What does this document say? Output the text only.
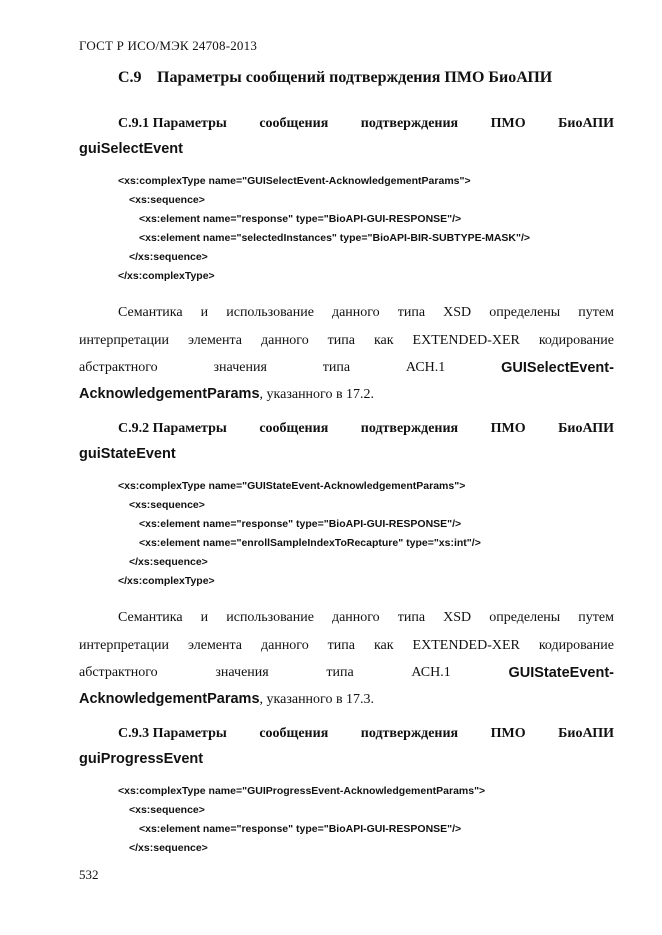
ГОСТ Р ИСО/МЭК 24708-2013
С.9 Параметры сообщений подтверждения ПМО БиоАПИ
С.9.1 Параметры сообщения подтверждения ПМО БиоАПИ
guiSelectEvent
<xs:complexType name="GUISelectEvent-AcknowledgementParams">
<xs:sequence>
<xs:element name="response" type="BioAPI-GUI-RESPONSE"/>
<xs:element name="selectedInstances" type="BioAPI-BIR-SUBTYPE-MASK"/>
</xs:sequence>
</xs:complexType>
Семантика и использование данного типа XSD определены путем
интерпретации элемента данного типа как EXTENDED-XER кодирование
абстрактного	значения	типа	АСН.1	GUISelectEvent-
AcknowledgementParams, указанного в 17.2.
С.9.2 Параметры сообщения подтверждения ПМО БиоАПИ
guiStateEvent
<xs:complexType name="GUIStateEvent-AcknowledgementParams">
<xs:sequence>
<xs:element name="response" type="BioAPI-GUI-RESPONSE"/>
<xs:element name="enrollSampleIndexToRecapture" type="xs:int"/>
</xs:sequence>
</xs:complexType>
Семантика и использование данного типа XSD определены путем
интерпретации элемента данного типа как EXTENDED-XER кодирование
абстрактного	значения	типа	АСН.1	GUIStateEvent-
AcknowledgementParams, указанного в 17.3.
С.9.3 Параметры сообщения подтверждения ПМО БиоАПИ
guiProgressEvent
<xs:complexType name="GUIProgressEvent-AcknowledgementParams">
<xs:sequence>
<xs:element name="response" type="BioAPI-GUI-RESPONSE"/>
</xs:sequence>
532
